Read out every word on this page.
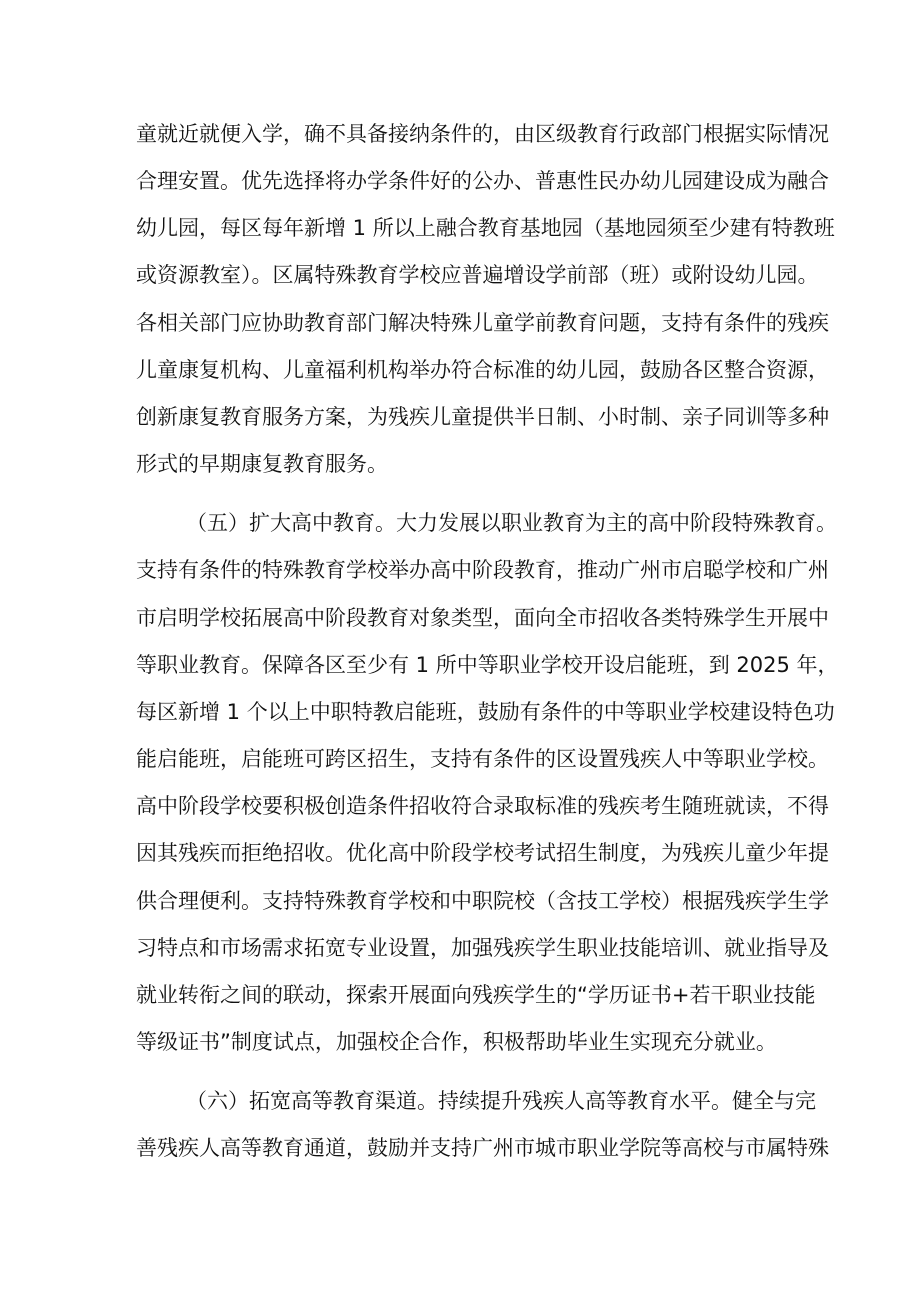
童就近就便入学，确不具备接纳条件的，由区级教育行政部门根据实际情况
合理安置。优先选择将办学条件好的公办、普惠性民办幼儿园建设成为融合
幼儿园，每区每年新增 1 所以上融合教育基地园（基地园须至少建有特教班
或资源教室）。区属特殊教育学校应普遍增设学前部（班）或附设幼儿园。
各相关部门应协助教育部门解决特殊儿童学前教育问题，支持有条件的残疾
儿童康复机构、儿童福利机构举办符合标准的幼儿园，鼓励各区整合资源，
创新康复教育服务方案，为残疾儿童提供半日制、小时制、亲子同训等多种
形式的早期康复教育服务。
（五）扩大高中教育。大力发展以职业教育为主的高中阶段特殊教育。
支持有条件的特殊教育学校举办高中阶段教育，推动广州市启聪学校和广州
市启明学校拓展高中阶段教育对象类型，面向全市招收各类特殊学生开展中
等职业教育。保障各区至少有 1 所中等职业学校开设启能班，到 2025 年，
每区新增 1 个以上中职特教启能班，鼓励有条件的中等职业学校建设特色功
能启能班，启能班可跨区招生，支持有条件的区设置残疾人中等职业学校。
高中阶段学校要积极创造条件招收符合录取标准的残疾考生随班就读，不得
因其残疾而拒绝招收。优化高中阶段学校考试招生制度，为残疾儿童少年提
供合理便利。支持特殊教育学校和中职院校（含技工学校）根据残疾学生学
习特点和市场需求拓宽专业设置，加强残疾学生职业技能培训、就业指导及
就业转衔之间的联动，探索开展面向残疾学生的“学历证书+若干职业技能
等级证书”制度试点，加强校企合作，积极帮助毕业生实现充分就业。
（六）拓宽高等教育渠道。持续提升残疾人高等教育水平。健全与完
善残疾人高等教育通道，鼓励并支持广州市城市职业学院等高校与市属特殊
